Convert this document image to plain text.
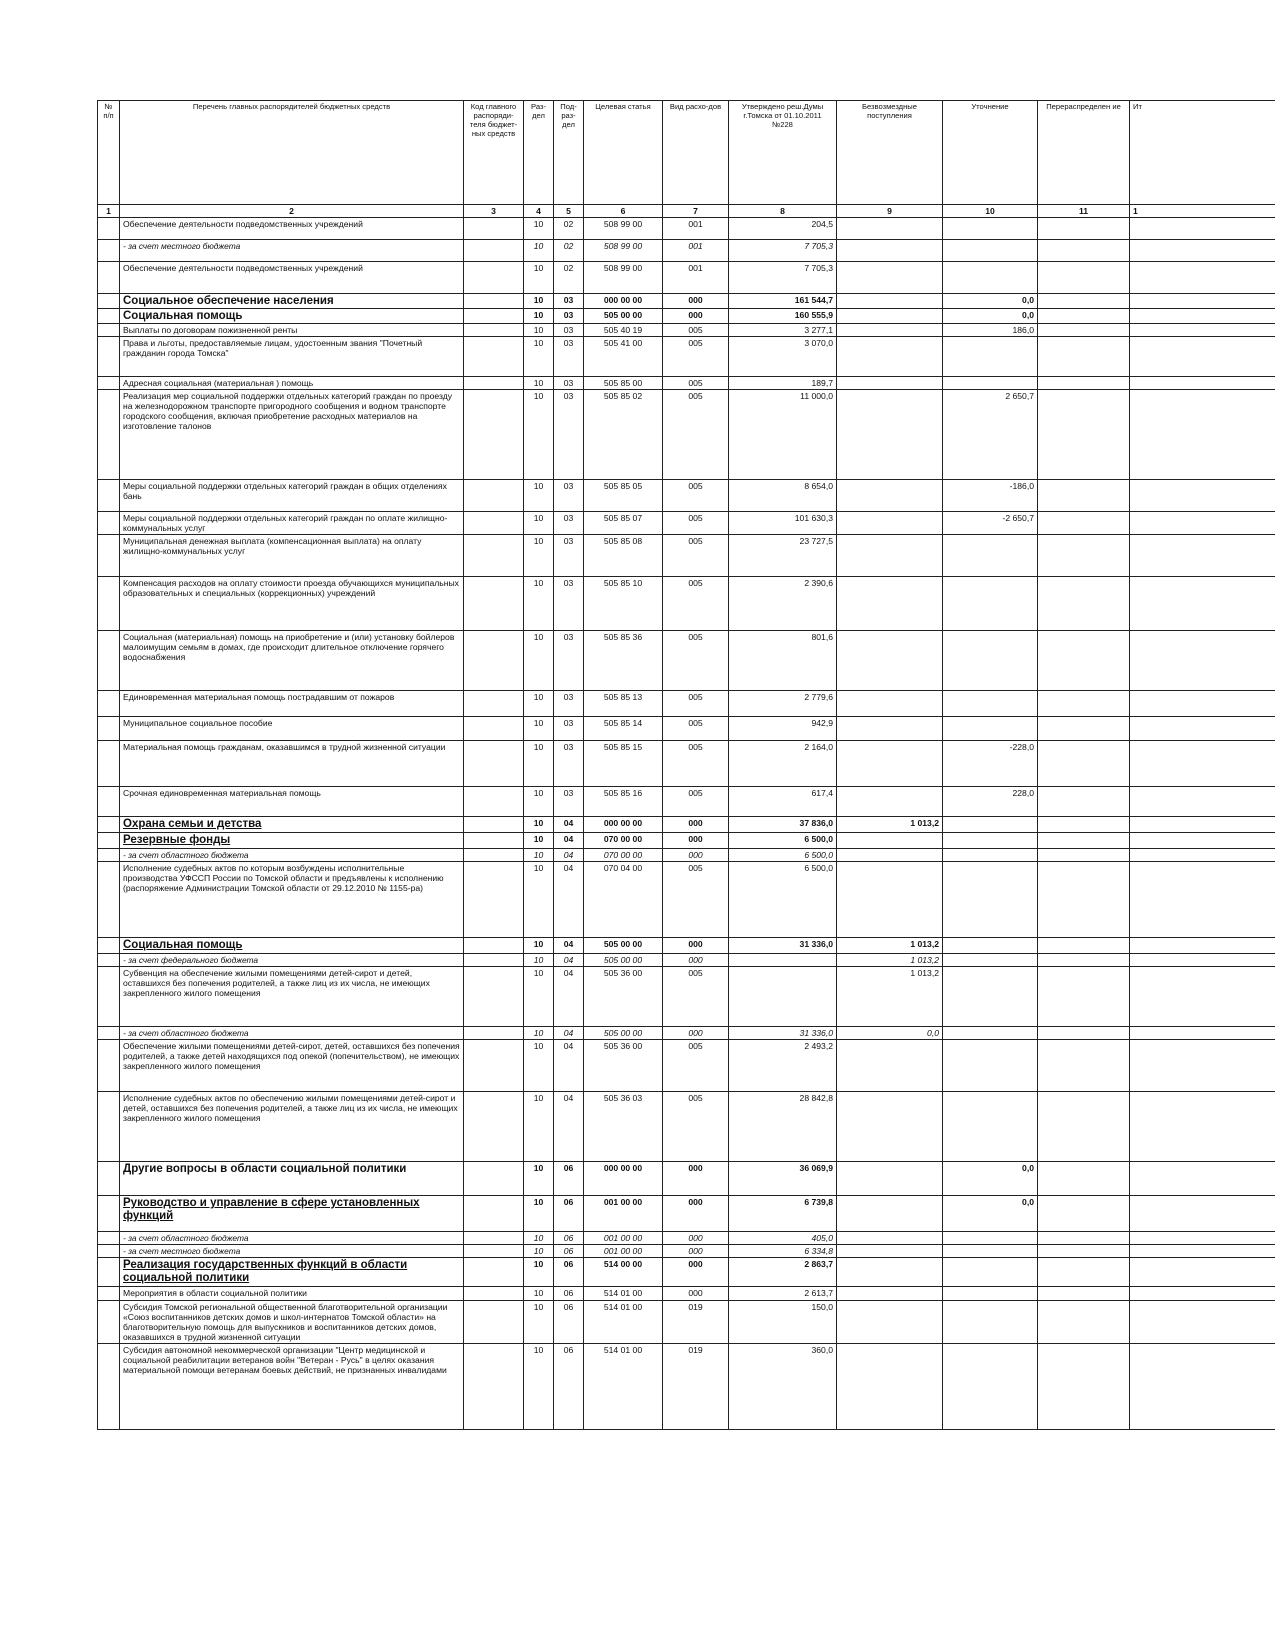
№ п/п	Перечень главных распорядителей бюджетных средств	Код главного распоряди-теля бюджет-ных средств	Раз-дел	Под-раз-дел	Целевая статья	Вид расхо-дов	Утверждено реш.Думы г.Томска от 01.10.2011 №228	Безвозмездные поступления	Уточнение	Перераспределен ие	Ит
1	2	3	4	5	6	7	8	9	10	11	1
	Обеспечение деятельности подведомственных учреждений		10	02	508 99 00	001	204,5				
	- за счет местного бюджета		10	02	508 99 00	001	7 705,3				
	Обеспечение деятельности подведомственных учреждений		10	02	508 99 00	001	7 705,3				
	Социальное обеспечение населения		10	03	000 00 00	000	161 544,7		0,0		
	Социальная помощь		10	03	505 00 00	000	160 555,9		0,0		
	Выплаты по договорам пожизненной ренты		10	03	505 40 19	005	3 277,1		186,0		
	Права и льготы, предоставляемые лицам, удостоенным звания "Почетный гражданин города Томска"		10	03	505 41 00	005	3 070,0				
	Адресная социальная (материальная ) помощь		10	03	505 85 00	005	189,7				
	Реализация мер социальной поддержки отдельных категорий граждан по проезду на железнодорожном транспорте пригородного сообщения и водном транспорте городского сообщения, включая приобретение расходных материалов на изготовление талонов		10	03	505 85 02	005	11 000,0		2 650,7		
	Меры социальной поддержки отдельных категорий граждан в общих отделениях бань		10	03	505 85 05	005	8 654,0		-186,0		
	Меры социальной поддержки отдельных категорий граждан по оплате жилищно-коммунальных услуг		10	03	505 85 07	005	101 630,3		-2 650,7		
	Муниципальная денежная выплата (компенсационная выплата) на оплату жилищно-коммунальных услуг		10	03	505 85 08	005	23 727,5				
	Компенсация расходов на оплату стоимости проезда обучающихся муниципальных образовательных и специальных (коррекционных) учреждений		10	03	505 85 10	005	2 390,6				
	Социальная (материальная) помощь на приобретение и (или) установку бойлеров малоимущим семьям в домах, где происходит длительное отключение горячего водоснабжения		10	03	505 85 36	005	801,6				
	Единовременная материальная помощь пострадавшим от пожаров		10	03	505 85 13	005	2 779,6				
	Муниципальное социальное пособие		10	03	505 85 14	005	942,9				
	Материальная помощь гражданам, оказавшимся в трудной жизненной ситуации		10	03	505 85 15	005	2 164,0		-228,0		
	Срочная единовременная материальная помощь		10	03	505 85 16	005	617,4		228,0		
	Охрана семьи и детства		10	04	000 00 00	000	37 836,0	1 013,2			
	Резервные фонды		10	04	070 00 00	000	6 500,0				
	- за счет областного бюджета		10	04	070 00 00	000	6 500,0				
	Исполнение судебных актов по которым возбуждены исполнительные производства УФССП России по Томской области и предъявлены к исполнению (распоряжение Администрации Томской области от 29.12.2010 № 1155-ра)		10	04	070 04 00	005	6 500,0				
	Социальная помощь		10	04	505 00 00	000	31 336,0	1 013,2			
	- за счет федерального бюджета		10	04	505 00 00	000		1 013,2			
	Субвенция на обеспечение жилыми помещениями детей-сирот и детей, оставшихся без попечения родителей, а также лиц из их числа, не имеющих закрепленного жилого помещения		10	04	505 36 00	005		1 013,2			
	- за счет областного бюджета		10	04	505 00 00	000	31 336,0	0,0			
	Обеспечение жилыми помещениями детей-сирот, детей, оставшихся без попечения родителей, а также детей находящихся под опекой (попечительством), не имеющих закрепленного жилого помещения		10	04	505 36 00	005	2 493,2				
	Исполнение судебных актов по обеспечению жилыми помещениями детей-сирот и детей, оставшихся без попечения родителей, а также лиц из их числа, не имеющих закрепленного жилого помещения		10	04	505 36 03	005	28 842,8				
	Другие вопросы в области социальной политики		10	06	000 00 00	000	36 069,9		0,0		
	Руководство и управление в сфере установленных функций		10	06	001 00 00	000	6 739,8		0,0		
	- за счет областного бюджета		10	06	001 00 00	000	405,0				
	- за счет местного бюджета		10	06	001 00 00	000	6 334,8				
	Реализация государственных функций в области социальной политики		10	06	514 00 00	000	2 863,7				
	Мероприятия в области социальной политики		10	06	514 01 00	000	2 613,7				
	Субсидия Томской региональной общественной благотворительной организации «Союз воспитанников детских домов и школ-интернатов Томской области» на благотворительную помощь для выпускников и воспитанников детских домов, оказавшихся в трудной жизненной ситуации		10	06	514 01 00	019	150,0				
	Субсидия автономной некоммерческой организации "Центр медицинской и социальной реабилитации ветеранов войн "Ветеран - Русь" в целях оказания материальной помощи ветеранам боевых действий, не признанных инвалидами		10	06	514 01 00	019	360,0				
